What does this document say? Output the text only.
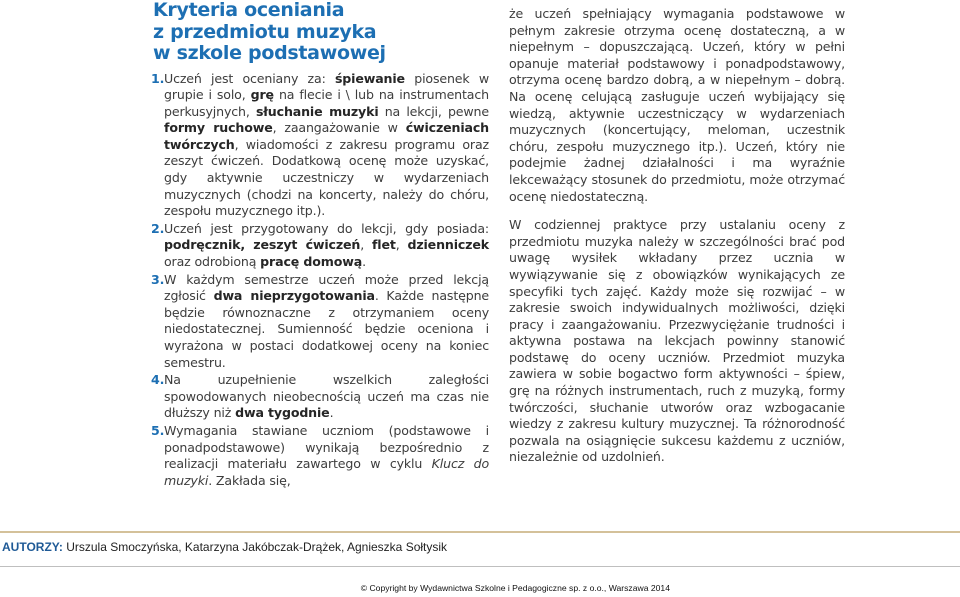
Kryteria oceniania
z przedmiotu muzyka
w szkole podstawowej
1. Uczeń jest oceniany za: śpiewanie piosenek w grupie i solo, grę na flecie i \ lub na instrumentach perkusyjnych, słuchanie muzyki na lekcji, pewne formy ruchowe, zaangażowanie w ćwiczeniach twórczych, wiadomości z zakresu programu oraz zeszyt ćwiczeń. Dodatkową ocenę może uzyskać, gdy aktywnie uczestniczy w wydarzeniach muzycznych (chodzi na koncerty, należy do chóru, zespołu muzycznego itp.).
2. Uczeń jest przygotowany do lekcji, gdy posiada: podręcznik, zeszyt ćwiczeń, flet, dzienniczek oraz odrobioną pracę domową.
3. W każdym semestrze uczeń może przed lekcją zgłosić dwa nieprzygotowania. Każde następne będzie równoznaczne z otrzymaniem oceny niedostatecznej. Sumienność będzie oceniona i wyrażona w postaci dodatkowej oceny na koniec semestru.
4. Na uzupełnienie wszelkich zaległości spowodowanych nieobecnością uczeń ma czas nie dłuższy niż dwa tygodnie.
5. Wymagania stawiane uczniom (podstawowe i ponadpodstawowe) wynikają bezpośrednio z realizacji materiału zawartego w cyklu Klucz do muzyki. Zakłada się,

że uczeń spełniający wymagania podstawowe w pełnym zakresie otrzyma ocenę dostateczną, a w niepełnym – dopuszczającą. Uczeń, który w pełni opanuje materiał podstawowy i ponadpodstawowy, otrzyma ocenę bardzo dobrą, a w niepełnym – dobrą. Na ocenę celującą zasługuje uczeń wybijający się wiedzą, aktywnie uczestniczący w wydarzeniach muzycznych (koncertujący, meloman, uczestnik chóru, zespołu muzycznego itp.). Uczeń, który nie podejmie żadnej działalności i ma wyraźnie lekceważący stosunek do przedmiotu, może otrzymać ocenę niedostateczną.

W codziennej praktyce przy ustalaniu oceny z przedmiotu muzyka należy w szczególności brać pod uwagę wysiłek wkładany przez ucznia w wywiązywanie się z obowiązków wynikających ze specyfiki tych zajęć. Każdy może się rozwijać – w zakresie swoich indywidualnych możliwości, dzięki pracy i zaangażowaniu. Przezwyciężanie trudności i aktywna postawa na lekcjach powinny stanowić podstawę do oceny uczniów. Przedmiot muzyka zawiera w sobie bogactwo form aktywności – śpiew, grę na różnych instrumentach, ruch z muzyką, formy twórczości, słuchanie utworów oraz wzbogacanie wiedzy z zakresu kultury muzycznej. Ta różnorodność pozwala na osiągnięcie sukcesu każdemu z uczniów, niezależnie od uzdolnień.

AUTORZY: Urszula Smoczyńska, Katarzyna Jakóbczak-Drążek, Agnieszka Sołtysik
© Copyright by Wydawnictwa Szkolne i Pedagogiczne sp. z o.o., Warszawa 2014
